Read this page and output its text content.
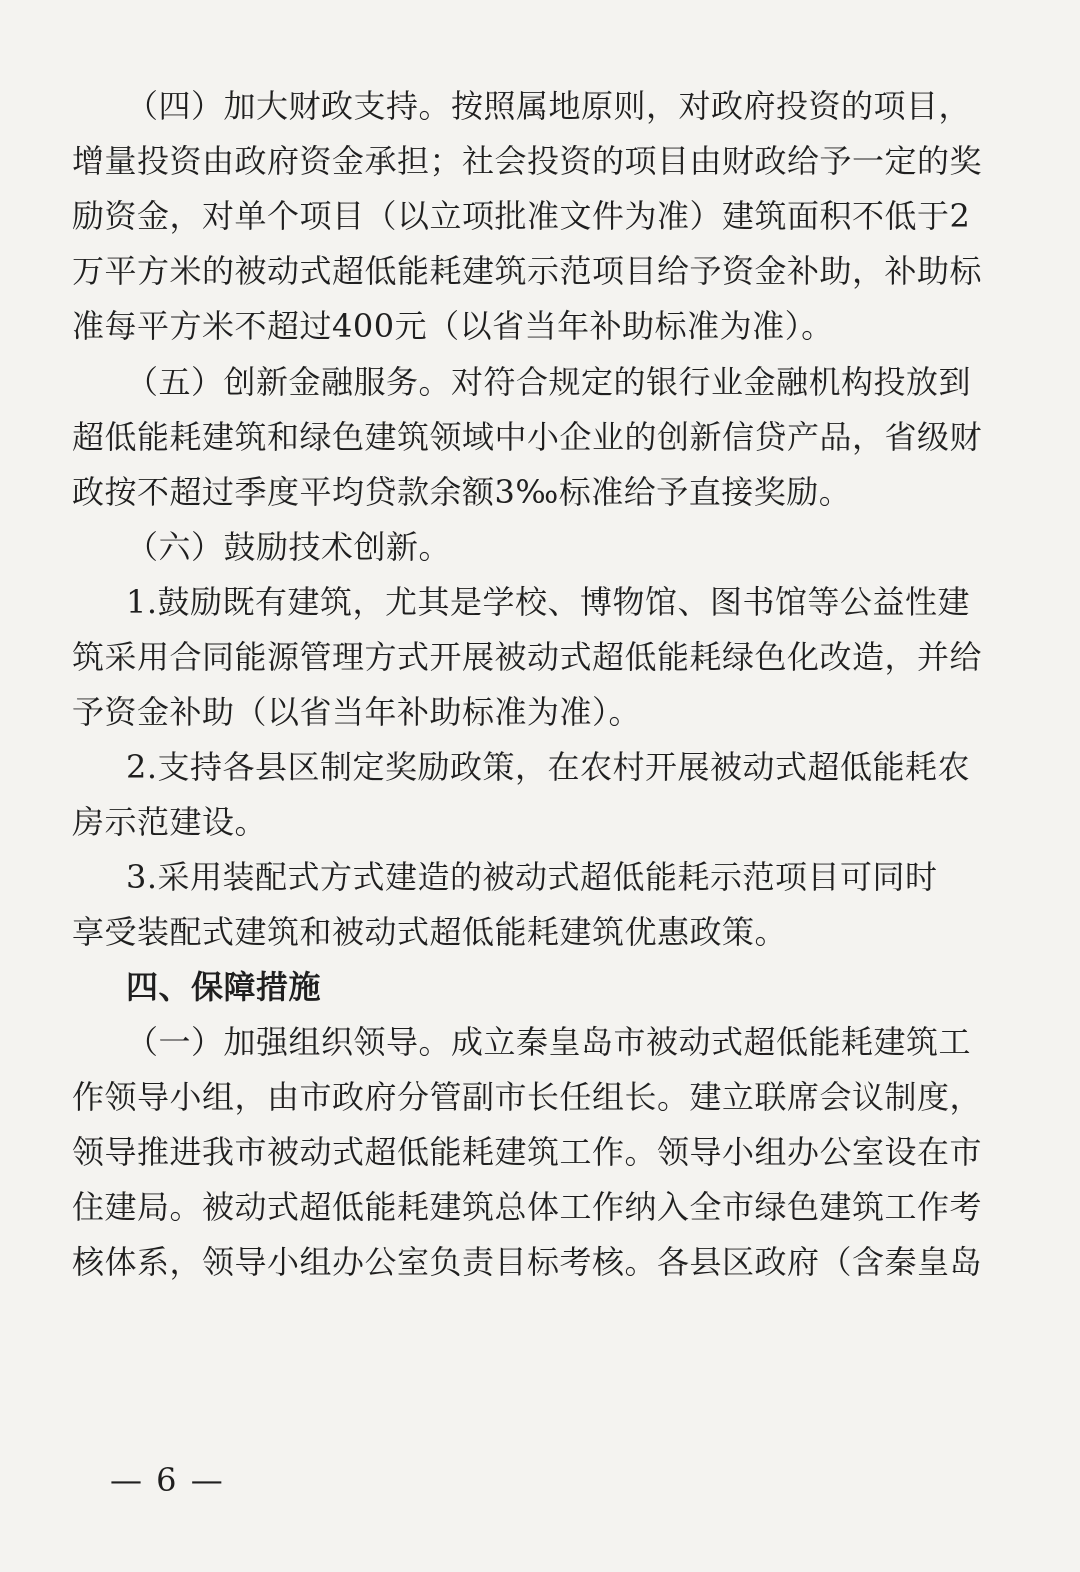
（四）加大财政支持。按照属地原则，对政府投资的项目，
增量投资由政府资金承担；社会投资的项目由财政给予一定的奖
励资金，对单个项目（以立项批准文件为准）建筑面积不低于2
万平方米的被动式超低能耗建筑示范项目给予资金补助，补助标
准每平方米不超过400元（以省当年补助标准为准）。
（五）创新金融服务。对符合规定的银行业金融机构投放到
超低能耗建筑和绿色建筑领域中小企业的创新信贷产品，省级财
政按不超过季度平均贷款余额3‰标准给予直接奖励。
（六）鼓励技术创新。
1.鼓励既有建筑，尤其是学校、博物馆、图书馆等公益性建
筑采用合同能源管理方式开展被动式超低能耗绿色化改造，并给
予资金补助（以省当年补助标准为准）。
2.支持各县区制定奖励政策，在农村开展被动式超低能耗农
房示范建设。
3.采用装配式方式建造的被动式超低能耗示范项目可同时
享受装配式建筑和被动式超低能耗建筑优惠政策。
四、保障措施
（一）加强组织领导。成立秦皇岛市被动式超低能耗建筑工
作领导小组，由市政府分管副市长任组长。建立联席会议制度，
领导推进我市被动式超低能耗建筑工作。领导小组办公室设在市
住建局。被动式超低能耗建筑总体工作纳入全市绿色建筑工作考
核体系，领导小组办公室负责目标考核。各县区政府（含秦皇岛
— 6 —
